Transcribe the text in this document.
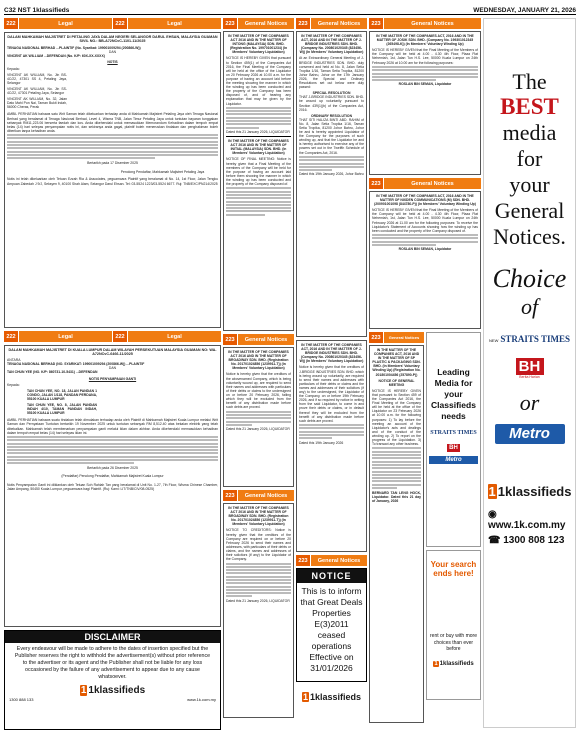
C32 NST 1klassifieds	WEDNESDAY, JANUARY 21, 2026
222	Legal	222	Legal
DALAM MAHKAMAH MAJISTRET DI PETALING JAYA DALAM NEGERI SELANGOR DARUL EHSAN, MALAYSIA GUAMAN SIVIL NO.: BB-A72NCvC-1101-11/2025
TENAGA NASIONAL BERHAD ...PLAINTIF (No. Syarikat: 199001009294 (200866-W))
DAN
VINCENT AK WILLIAM ...DEFENDAN (No. K/P: 60X-XX-XXXX)
NOTIS
Kepada:
VINCENT AK WILLIAM, No. Jln BS-4C/22, 47301 SS 4, Petaling Jaya, Selangor
VINCENT AK WILLIAM, No. Jln SS-4C/22, 47301 Petaling Jaya, Selangor
VINCENT AK WILLIAM, No. 32, Jalan Dato Mahl Pon Nai, Taman Bukit Indah, 56000 Cheras, Perak
AMBIL PERHATIAN bahawa satu Writ Saman telah dikeluarkan terhadap anda di Mahkamah Majistret Petaling Jaya oleh Tenaga Nasional Berhad yang beralamat di Tenaga Nasional Berhad, Level 4, Wisma TNB, Jalan Timur Petaling Jaya untuk tuntutan bayaran tunggakan sebanyak RM11,223.06 berserta faedah dan kos. Anda dikehendaki untuk memasukkan Memorandum Kehadiran dalam tempoh empat belas (14) hari selepas penyampaian notis ini, dan sekiranya anda gagal, plaintif boleh meneruskan tindakan dan penghakiman boleh diberikan tanpa kehadiran anda.
Bertarikh pada 17 Disember 2025
Penolong Pendaftar, Mahkamah Majistret Petaling Jaya
Notis ini telah dikeluarkan oleh Tetuan Ezzah Ria & Associates, peguamcara Plaintif yang beralamat di No. 14, 1st Floor, Jalan Tengku Ampuan Zabedah J 9/J, Seksyen 9, 40100 Shah Alam, Selangor Darul Ehsan. Tel: 03-5524 1223/03-5524 6677. Ruj: TNB/EXC/PN214/2025
222	Legal	222	Legal
DALAM MAHKAMAH MAJISTRET DI KUALA LUMPUR DALAM WILAYAH PERSEKUTUAN MALAYSIA GUAMAN NO: WA-A72NCvC-6466-11/2025
ANTARA
TENAGA NASIONAL BERHAD (NO. SYARIKAT: 199001009294 (200866-W)) ...PLAINTIF
DAN
TAN CHUN YEE (NO. K/P: 860731-10-5431) ...DEFENDAN
NOTIS PENYAMPAIAN GANTI
Kepada:
TAN CHUN YEE, NO. 18, JALAN PANDAN 1 CONDO, JALAN 1/118, PANDAN PERDANA, 55100 KUALA LUMPUR
TAN CHUN YEE, NO. 8, JALAN PANDAN INDAH 4/10, TAMAN PANDAN INDAH, 55100 KUALA LUMPUR
AMBIL PERHATIAN bahawa suatu tindakan telah dimulakan terhadap anda oleh Plaintif di Mahkamah Majistret Kuala Lumpur melalui Writ Saman dan Pernyataan Tuntutan bertarikh 19 November 2025 untuk tuntutan sebanyak RM 8,512.40 atas bekalan elektrik yang telah dibekalkan. Mahkamah telah membenarkan penyampaian ganti melalui iklan dalam akhbar. Anda dikehendaki memasukkan kehadiran dalam tempoh empat belas (14) hari selepas iklan ini.
Bertarikh pada 26 Disember 2025
(Pendaftar) Penolong Pendaftar, Mahkamah Majistret Kuala Lumpur
Notis Penyampaian Ganti ini diiklankan oleh Tetuan Soh Rahlah Tan yang beralamat di Unit No. 1-27, 7th Floor, Wisma Chinese Chamber, Jalan Ampang, 50450 Kuala Lumpur, peguamcara bagi Plaintif. (Ruj: Kami: LIT/TNB/CIV/08-0525)
DISCLAIMER
Every endeavour will be made to adhere to the dates of insertion specified but the Publisher reserves the right to withhold the advertisement(s) without prior reference to the advertiser or its agent and the Publisher shall not be liable for any loss occasioned by the failure of any advertisement to appear due to any cause whatsoever.
1 1klassifieds
1300 888 133	www.1k.com.my
223	General Notices
IN THE MATTER OF THE COMPANIES ACT 2016 AND IN THE MATTER OF INTONG (MALAYSIA) SDN. BHD. (Registration No. 199701001234) (In Members' Voluntary Liquidation)
NOTICE IS HEREBY GIVEN that pursuant to Section 459(1) of the Companies Act 2016, the Final Meeting of the Company will be held at the office of the Liquidator on 20 February 2026 at 10.00 a.m. for the purpose of having an account laid before the meeting showing the manner in which the winding up has been conducted and the property of the Company has been disposed of, and of hearing any explanation that may be given by the Liquidator.
Dated this 21 January 2026, LIQUIDATOR
IN THE MATTER OF THE COMPANIES ACT 2016 AND IN THE MATTER OF INITIAL (MALAYSIA) SDN. BHD. (In Members' Voluntary Liquidation)
NOTICE OF FINAL MEETING: Notice is hereby given that a Final Meeting of the members of the Company will be held for the purpose of having an account laid before them showing the manner in which the winding up has been conducted and the property of the Company disposed of.
223	General Notices
IN THE MATTER OF THE COMPANIES ACT 2016 AND IN THE MATTER OF BROADWAY SDN. BHD. (Registration No. 201701024856 (1239911-T)) (In Members' Voluntary Liquidation)
Notice is hereby given that the creditors of the abovenamed Company, which is being voluntarily wound up, are required to send their names and addresses with particulars of their debts or claims to the undersigned on or before 20 February 2026, failing which they will be excluded from the benefit of any distribution made before such debts are proved.
Dated this 21 January 2026, LIQUIDATOR
223	General Notices
IN THE MATTER OF THE COMPANIES ACT 2016 AND IN THE MATTER OF BROADWAY SDN. BHD. (Registration No. 201701024856 (1239911-T)) (In Members' Voluntary Liquidation)
NOTICE TO CREDITORS: Notice is hereby given that the creditors of the Company are required on or before 20 February 2026 to send their names and addresses, with particulars of their debts or claims, and the names and addresses of their solicitors (if any) to the Liquidator of the Company.
Dated this 21 January 2026, LIQUIDATOR
223	General Notices
IN THE MATTER OF THE COMPANIES ACT, 2016 AND IN THE MATTER OF J-BRIDGE INDUSTRIES SDN. BHD. (Company No. 200801020345 (823456-W)) (In Members' Voluntary Liquidation)
At an Extraordinary General Meeting of J-BRIDGE INDUSTRIES SDN. BHD. duly convened and held at No. 8, Jalan Setia Tropika 1/16, Taman Setia Tropika, 81200 Johor Bahru, Johor on the 17th January 2026, the Special and Ordinary Resolutions set out below were duly passed:
SPECIAL RESOLUTION
THAT J-BRIDGE INDUSTRIES SDN. BHD. be wound up voluntarily pursuant to Section 439(1)(b) of the Companies Act, 2016.
ORDINARY RESOLUTION
THAT SITI HALIZA BINTI ABD. RAHIM of No. 8, Jalan Setia Tropika 1/16, Taman Setia Tropika, 81200 Johor Bahru, Johor be and is hereby appointed Liquidator of the Company for the purposes of such winding up, and that the Liquidator be and is hereby authorised to exercise any of the powers set out in the Twelfth Schedule of the Companies Act, 2016.
Dated this 19th January 2026, Johor Bahru
IN THE MATTER OF THE COMPANIES ACT, 2016 AND IN THE MATTER OF J-BRIDGE INDUSTRIES SDN. BHD. (Company No. 200801020345 (823456-W)) (In Members' Voluntary Liquidation)
Notice is hereby given that the creditors of J-BRIDGE INDUSTRIES SDN. BHD. which is being wound up voluntarily, are required to send their names and addresses with particulars of their debts or claims and the names and addresses of their solicitors (if any) to the undersigned, the Liquidator of the Company, on or before 19th February 2026, and if so required by notice in writing from the said Liquidator, to come in and prove their debts or claims, or in default thereof they will be excluded from the benefit of any distribution made before such debts are proved.
Dated this 19th January 2026
223	General Notices
NOTICE
This is to inform that Great Deals Properties E(3)2011 ceased operations Effective on 31/01/2026
1 1klassifieds
223	General Notices
IN THE MATTER OF THE COMPANIES ACT, 2016 AND IN THE MATTER OF JOSIK SDN. BHD. (Company No. 199301012345 (265498-K)) (In Members' Voluntary Winding Up)
NOTICE IS HEREBY GIVEN that the Final Meeting of the Members of the Company will be held at 4.00 - 4.30 4th Floor, Plaza Flat Nehemiah, 1st, Jalan Tun H.S. Lee, 50000 Kuala Lumpur on 24th February 2026 at 10.00 am for the following purposes:
ROSLAN BIN SEMAN, Liquidator
223	General Notices
IN THE MATTER OF THE COMPANIES ACT, 2016 AND IN THE MATTER OF NIXDEN COMMUNICATIONS (M) SDN. BHD. (200901001098 (844780-P)) (In Members' Voluntary Winding Up)
NOTICE IS HEREBY GIVEN that the Final Meeting of the Members of the Company will be held at 4.00 - 4.30 4th Floor, Plaza Flat Nehemiah, 1st, Jalan Tun H.S. Lee, 50000 Kuala Lumpur on 24th February 2026 at 11.00 am for the following purposes: To receive the Liquidator's Statement of Accounts showing how the winding up has been conducted and the property of the Company disposed of.
ROSLAN BIN SEMAN, Liquidator
223	General Notices
IN THE MATTER OF THE COMPANIES ACT, 2016 AND IN THE MATTER OF SP PLASTIC & PACKAGING SDN. BHD. (In Members' Voluntary Winding Up) (Registration No. 201801004456 (257890-P))
NOTICE OF GENERAL MEETING
NOTICE IS HEREBY GIVEN that pursuant to Section 459 of the Companies Act 2016, the Final Meeting of the Company will be held at the office of the Liquidator on 23 February 2026 at 10.00 a.m. for the following purposes: 1) To lay before the meeting an account of the Liquidator's acts and dealings and of the conduct of the winding up. 2) To report on the progress of the Liquidation. 3) To transact any other business.
BERNARD TAN LENG HOCK, Liquidator. Dated this 21 day of January, 2026
Leading Media for your Classifieds needs
STRAITS TIMES
BH
Metro
Your search ends here!
rent or buy with more choices than ever before
1 1klassifieds
The
BEST
media
for
your
General
Notices.
Choice
of
NEW STRAITS TIMES
BH
Berita Harian
or
Metro
1 1klassifieds
◉ www.1k.com.my
☎ 1300 808 123
